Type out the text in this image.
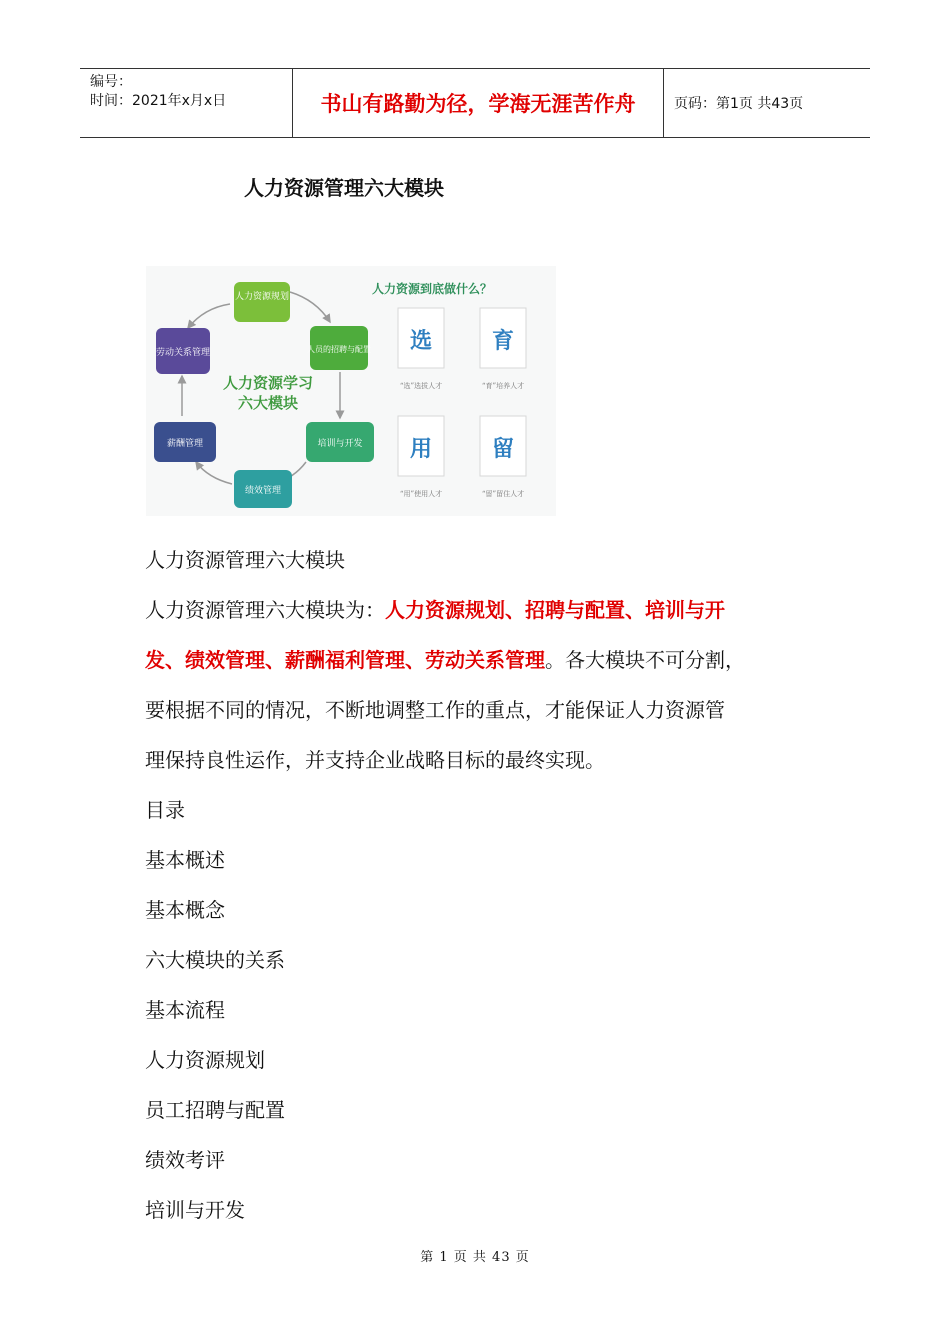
编号：
时间：2021年x月x日	书山有路勤为径，学海无涯苦作舟	页码：第1页 共43页
人力资源管理六大模块
人力资源规划
人员的招聘与配置
培训与开发
绩效管理
薪酬管理
劳动关系管理
人力资源学习
六大模块
人力资源到底做什么？
选
“选”选拔人才
育
“育”培养人才
用
“用”使用人才
留
“留”留住人才
人力资源管理六大模块
人力资源管理六大模块为：人力资源规划、招聘与配置、培训与开
发、绩效管理、薪酬福利管理、劳动关系管理。各大模块不可分割，
要根据不同的情况，不断地调整工作的重点，才能保证人力资源管
理保持良性运作，并支持企业战略目标的最终实现。
目录
基本概述
基本概念
六大模块的关系
基本流程
人力资源规划
员工招聘与配置
绩效考评
培训与开发
第 1 页 共 43 页
